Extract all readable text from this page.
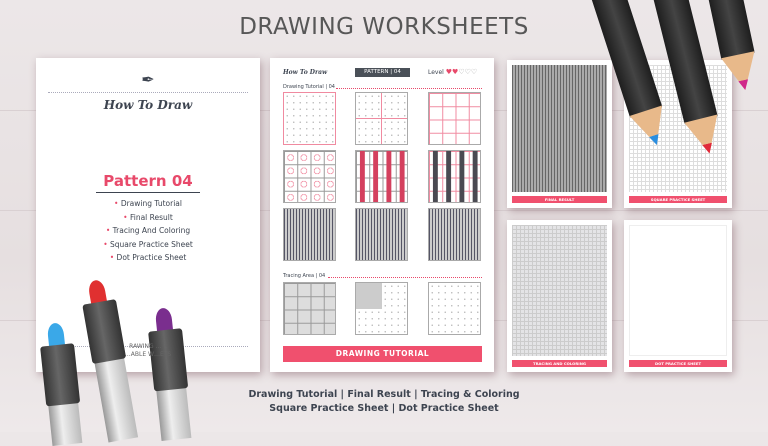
DRAWING WORKSHEETS
✒
How To Draw
Pattern 04
• Drawing Tutorial
• Final Result
• Tracing And Coloring
• Square Practice Sheet
• Dot Practice Sheet
RAWING … L
…ABLE W…ETS
How To Draw	PATTERN | 04	Level ♥♥♡♡♡
Drawing Tutorial | 04
Tracing Area | 04
DRAWING TUTORIAL
FINAL RESULT	SQUARE PRACTICE SHEET
TRACING AND COLORING	DOT PRACTICE SHEET
Drawing Tutorial | Final Result | Tracing & Coloring
Square Practice Sheet | Dot Practice Sheet
